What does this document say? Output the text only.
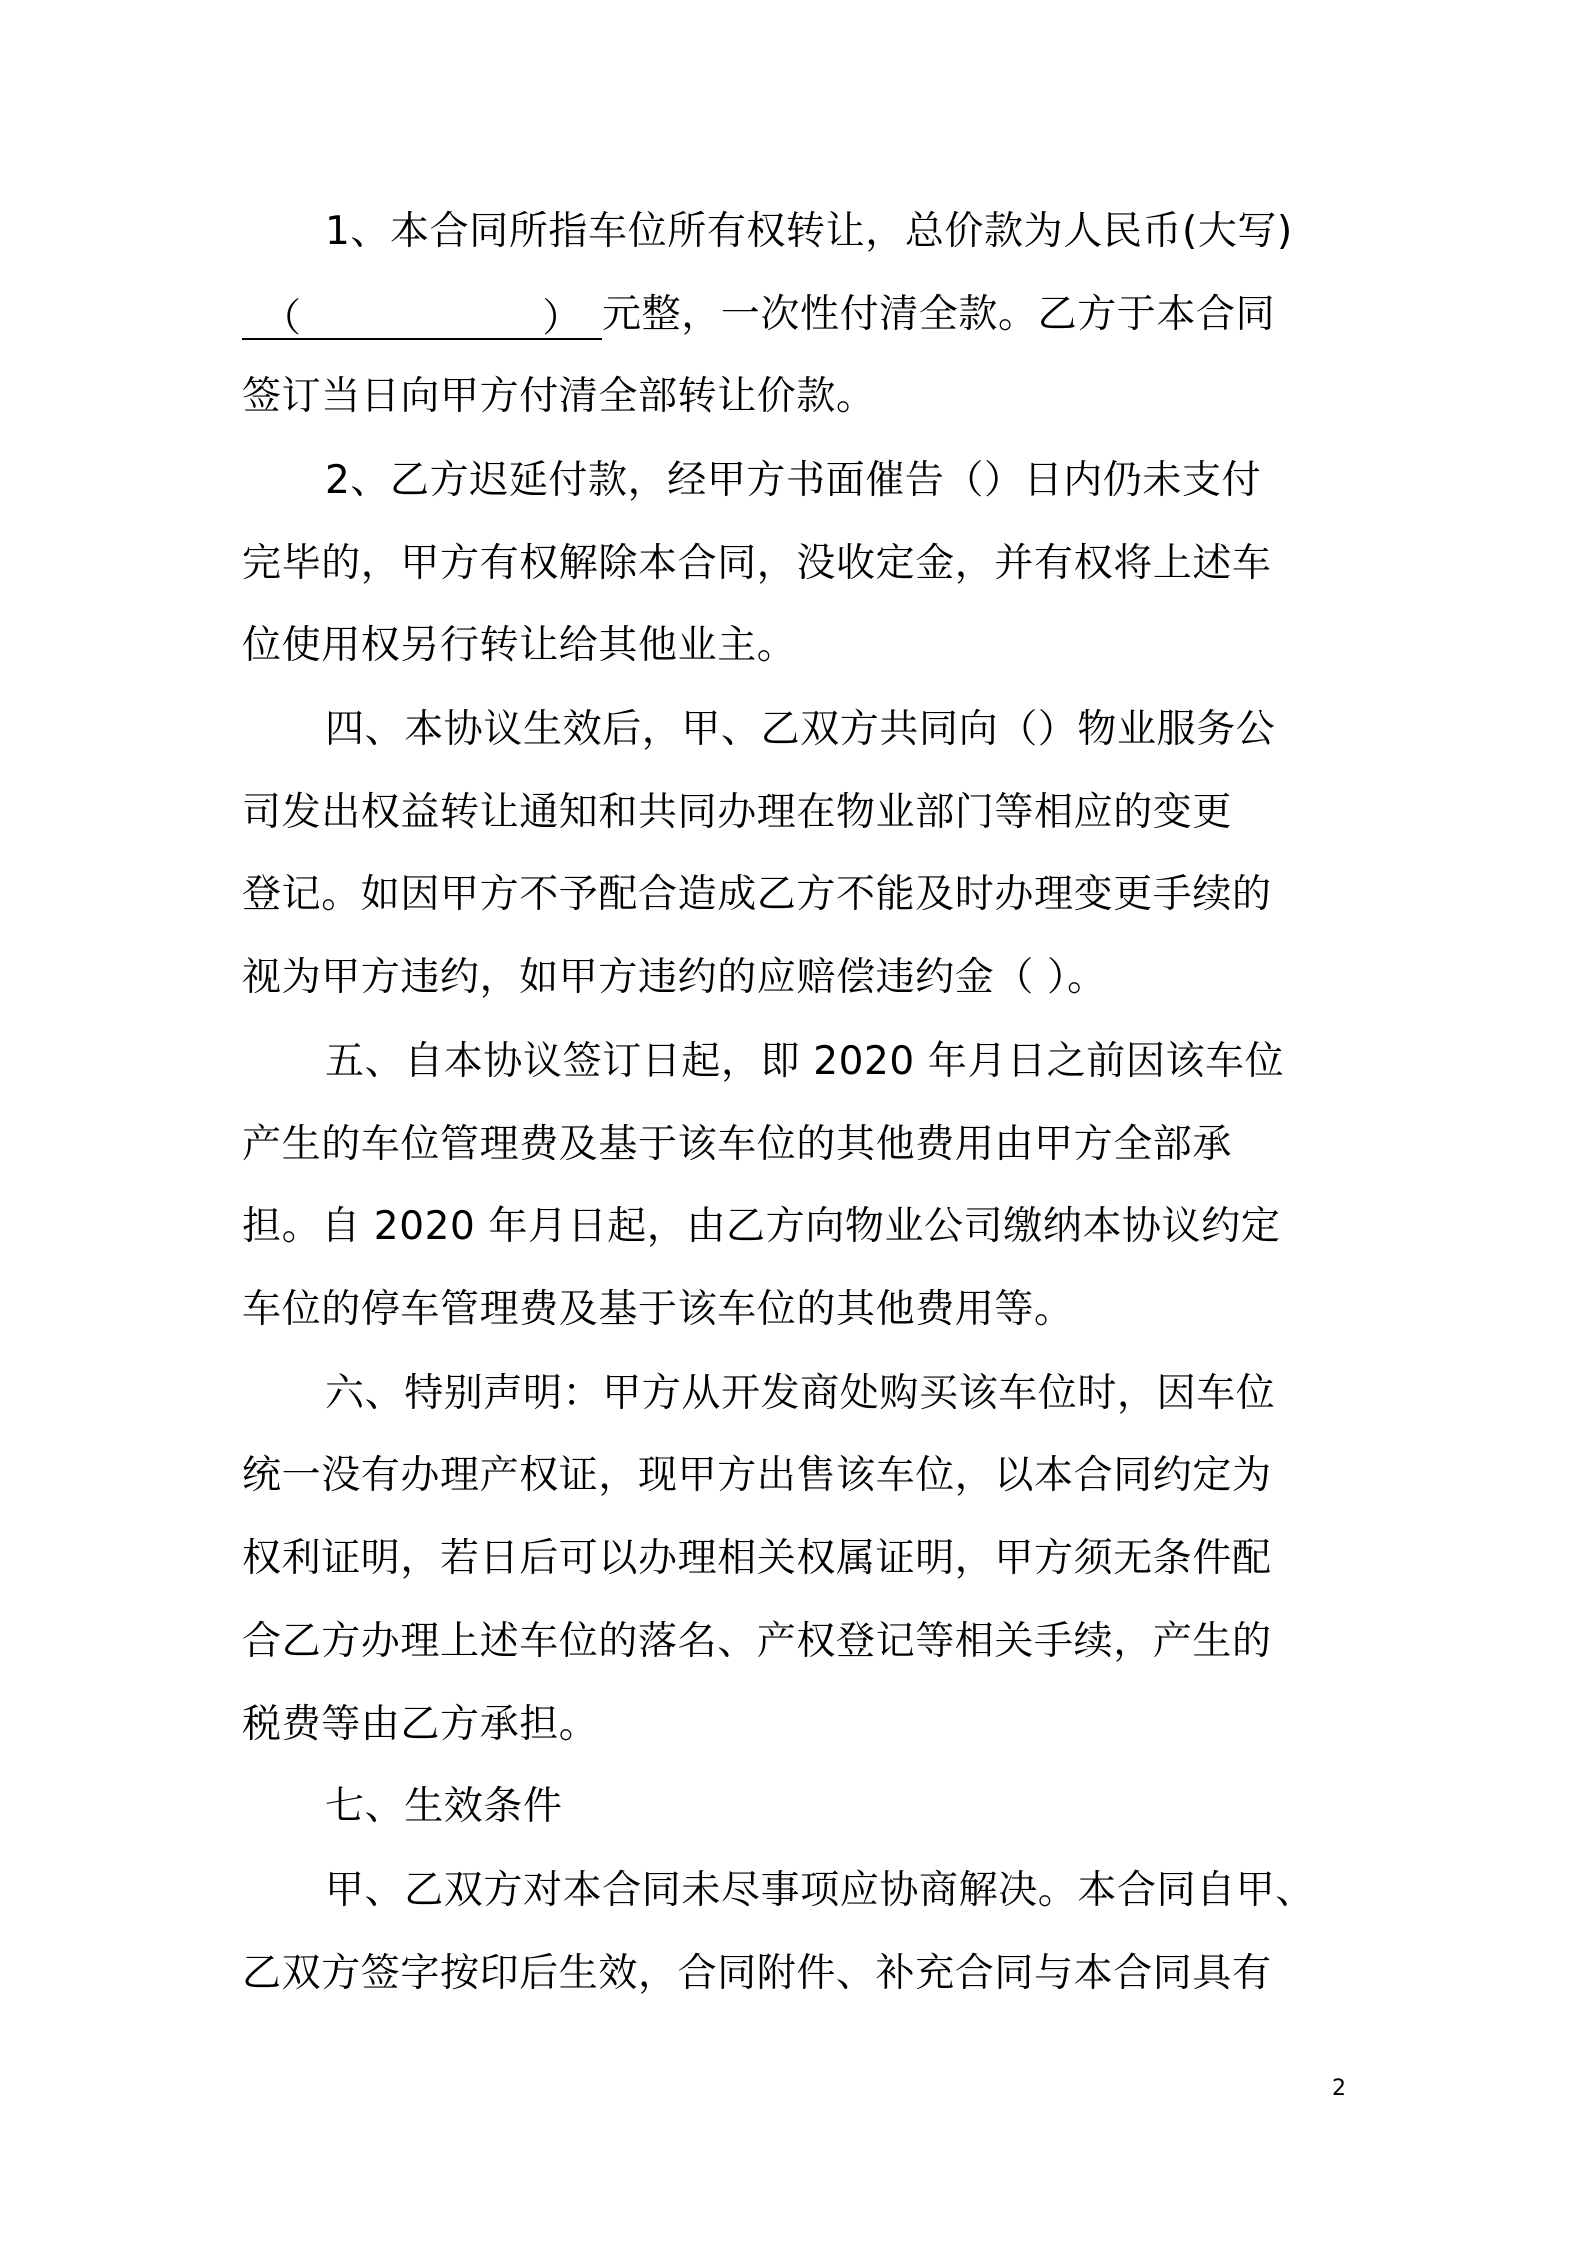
1、本合同所指车位所有权转让，总价款为人民币(大写)
（	） 元整，一次性付清全款。乙方于本合同
签订当日向甲方付清全部转让价款。
2、乙方迟延付款，经甲方书面催告（）日内仍未支付
完毕的，甲方有权解除本合同，没收定金，并有权将上述车
位使用权另行转让给其他业主。
四、本协议生效后，甲、乙双方共同向（）物业服务公
司发出权益转让通知和共同办理在物业部门等相应的变更
登记。如因甲方不予配合造成乙方不能及时办理变更手续的
视为甲方违约，如甲方违约的应赔偿违约金（ ）。
五、自本协议签订日起，即 2020 年月日之前因该车位
产生的车位管理费及基于该车位的其他费用由甲方全部承
担。自 2020 年月日起，由乙方向物业公司缴纳本协议约定
车位的停车管理费及基于该车位的其他费用等。
六、特别声明：甲方从开发商处购买该车位时，因车位
统一没有办理产权证，现甲方出售该车位，以本合同约定为
权利证明，若日后可以办理相关权属证明，甲方须无条件配
合乙方办理上述车位的落名、产权登记等相关手续，产生的
税费等由乙方承担。
七、生效条件
甲、乙双方对本合同未尽事项应协商解决。本合同自甲、
乙双方签字按印后生效，合同附件、补充合同与本合同具有
2
